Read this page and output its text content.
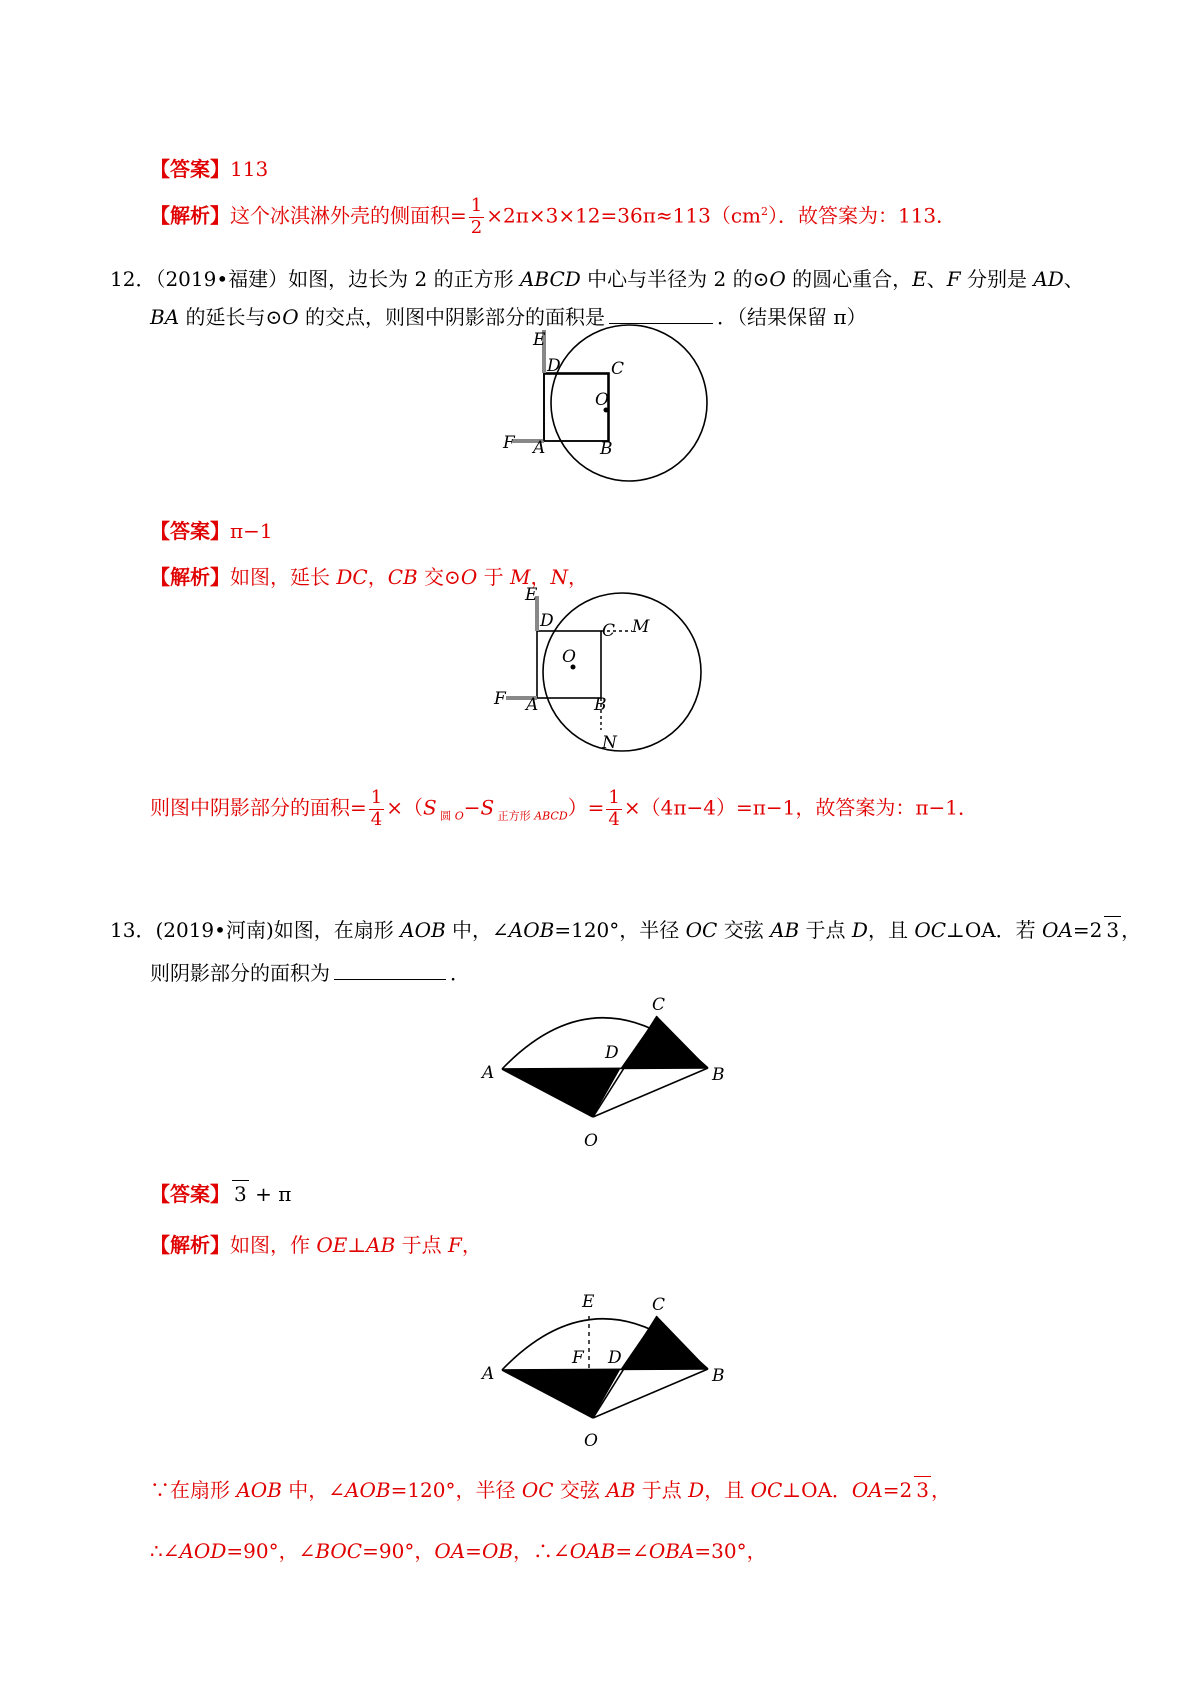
【答案】113
【解析】这个冰淇淋外壳的侧面积= $\frac{1}{2} \times 2\pi\times 3\times 12=36\pi\approx 113(cm^2)$．故答案为：113．
12．（2019•福建）如图，边长为 2 的正方形 ABCD 中心与半径为 2 的⊙O 的圆心重合，E、F 分别是 AD、
BA 的延长与⊙O 的交点，则图中阴影部分的面积是	．（结果保留 π）
E
D	C
O
F A	B
【答案】π−1
【解析】如图，延长 DC，CB 交⊙O 于 M，N，
E
D	C M
O
F A	B
N
则图中阴影部分的面积= $\frac{1}{4} \times(S$ $_圆$ $_O$−S $_{正方形}$ $_{ABCD})= \frac{1}{4} \times(4\pi-4)=\pi-1$，故答案为：π−1．
13．(2019•河南)如图，在扇形 AOB 中，∠AOB=120°，半径 OC 交弦 AB 于点 D，且 OC⊥OA．若 OA=2 3 ，
则阴影部分的面积为	．
A	B
C
D
O
【答案】 3 + π
【解析】如图，作 OE⊥AB 于点 F，
E	C
F D
A	B
O
∵在扇形 AOB 中，∠AOB=120°，半径 OC 交弦 AB 于点 D，且 OC⊥OA．OA=2 3 ，
∴∠AOD=90°，∠BOC=90°，OA=OB，∴∠OAB=∠OBA=30°，
